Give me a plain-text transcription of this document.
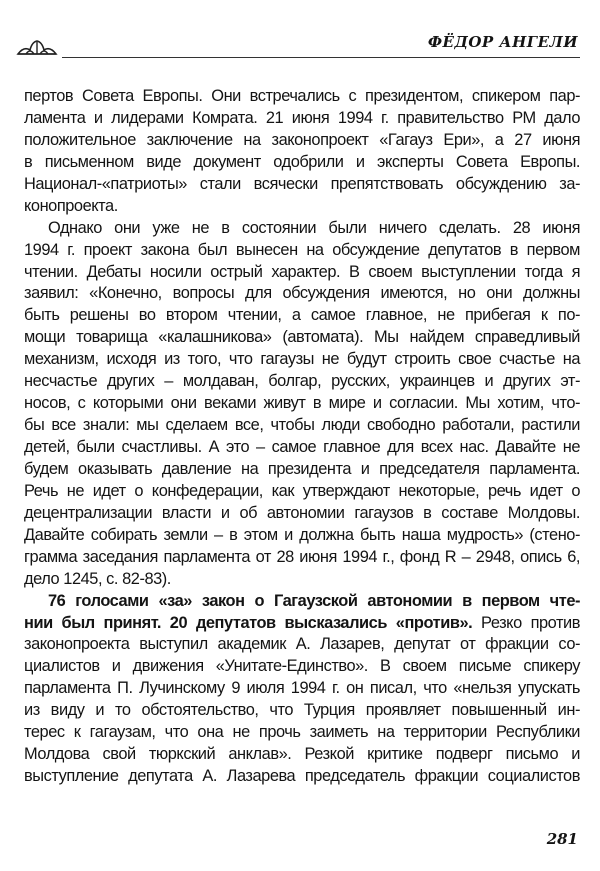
ФЁДОР АНГЕЛИ
пертов Совета Европы. Они встречались с президентом, спикером пар-
ламента и лидерами Комрата. 21 июня 1994 г. правительство РМ дало
положительное заключение на законопроект «Гагауз Ери», а 27 июня
в письменном виде документ одобрили и эксперты Совета Европы.
Национал-«патриоты» стали всячески препятствовать обсуждению за-
конопроекта.
Однако они уже не в состоянии были ничего сделать. 28 июня
1994 г. проект закона был вынесен на обсуждение депутатов в первом
чтении. Дебаты носили острый характер. В своем выступлении тогда я
заявил: «Конечно, вопросы для обсуждения имеются, но они должны
быть решены во втором чтении, а самое главное, не прибегая к по-
мощи товарища «калашникова» (автомата). Мы найдем справедливый
механизм, исходя из того, что гагаузы не будут строить свое счастье на
несчастье других – молдаван, болгар, русских, украинцев и других эт-
носов, с которыми они веками живут в мире и согласии. Мы хотим, что-
бы все знали: мы сделаем все, чтобы люди свободно работали, растили
детей, были счастливы. А это – самое главное для всех нас. Давайте не
будем оказывать давление на президента и председателя парламента.
Речь не идет о конфедерации, как утверждают некоторые, речь идет о
децентрализации власти и об автономии гагаузов в составе Молдовы.
Давайте собирать земли – в этом и должна быть наша мудрость» (стено-
грамма заседания парламента от 28 июня 1994 г., фонд R – 2948, опись 6,
дело 1245, с. 82-83).
76 голосами «за» закон о Гагаузской автономии в первом чте-
нии был принят. 20 депутатов высказались «против». Резко против
законопроекта выступил академик А. Лазарев, депутат от фракции со-
циалистов и движения «Унитате-Единство». В своем письме спикеру
парламента П. Лучинскому 9 июля 1994 г. он писал, что «нельзя упускать
из виду и то обстоятельство, что Турция проявляет повышенный ин-
терес к гагаузам, что она не прочь заиметь на территории Республики
Молдова свой тюркский анклав». Резкой критике подверг письмо и
выступление депутата А. Лазарева председатель фракции социалистов
281
